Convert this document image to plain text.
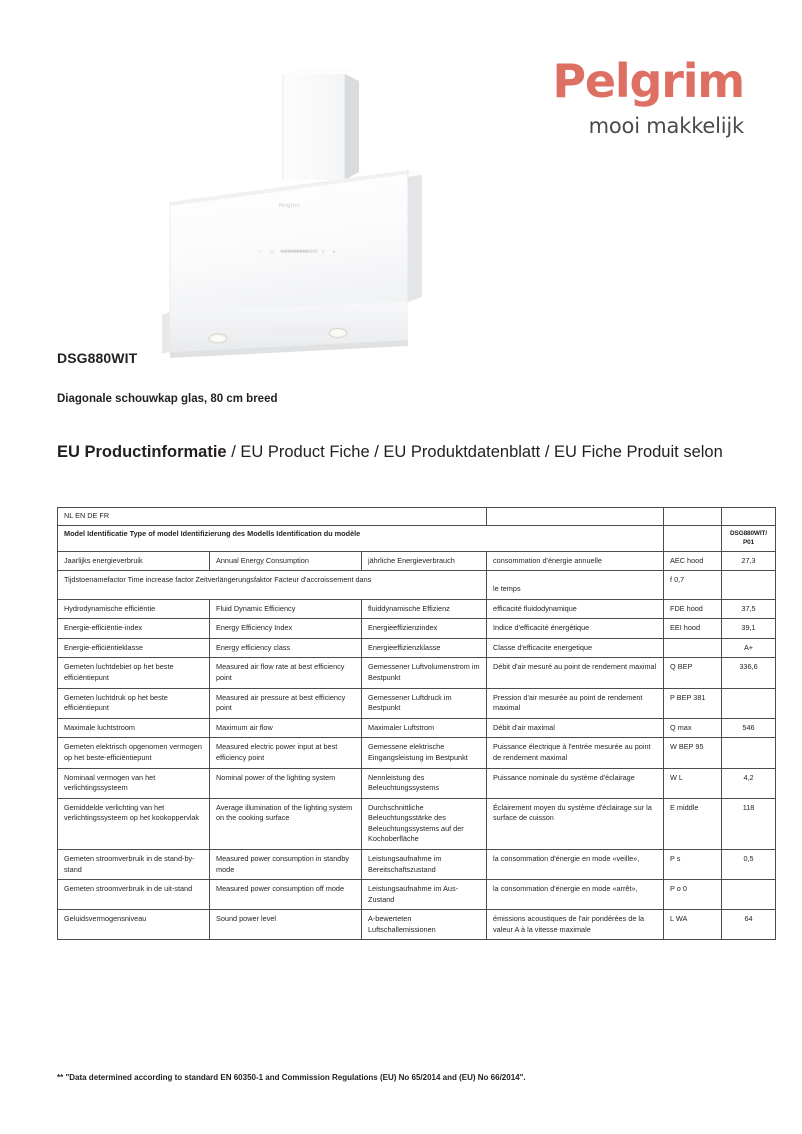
Pelgrim
☼	⏴ ★
Pelgrim
mooi makkelijk
DSG880WIT
Diagonale schouwkap glas, 80 cm breed
EU Productinformatie / EU Product Fiche / EU Produktdatenblatt / EU Fiche Produit selon
NL EN DE FR					
Model Identificatie Type of model Identifizierung des Modells Identification du modèle					DSG880WIT/P01
Jaarlijks energieverbruik	Annual Energy Consumption	jährliche Energieverbrauch	consommation d'énergie annuelle	AEC hood	27,3
Tijdstoenamefactor Time increase factor Zeitverlängerungsfaktor Facteur d'accroissement dans			le temps	f 0,7	
Hydrodynamische efficiëntie	Fluid Dynamic Efficiency	fluiddynamische Effizienz	efficacité fluidodynamique	FDE hood	37,5
Energie-efficiëntie-index	Energy Efficiency Index	Energieeffizienzindex	Indice d'efficacité énergétique	EEI hood	39,1
Energie-efficiëntieklasse	Energy efficiency class	Energieeffizienzklasse	Classe d'efficacite energetique		A+
Gemeten luchtdebiet op het beste efficiëntiepunt	Measured air flow rate at best efficiency point	Gemessener Luftvolumenstrom im Bestpunkt	Débit d'air mesuré au point de rendement maximal	Q BEP	336,6
Gemeten luchtdruk op het beste efficiëntiepunt	Measured air pressure at best efficiency point	Gemessener Luftdruck im Bestpunkt	Pression d'air mesurée au point de rendement maximal	P BEP 381	
Maximale luchtstroom	Maximum air flow	Maximaler Luftstrom	Débit d'air maximal	Q max	546
Gemeten elektrisch opgenomen vermogen op het beste-efficiëntiepunt	Measured electric power input at best efficiency point	Gemessene elektrische Eingangsleistung im Bestpunkt	Puissance électrique à l'entrée mesurée au point de rendement maximal	W BEP 95	
Nominaal vermogen van het verlichtingssysteem	Nominal power of the lighting system	Nennleistung des Beleuchtungssystems	Puissance nominale du système d'éclairage	W L	4,2
Gemiddelde verlichting van het verlichtingssysteem op het kookoppervlak	Average illumination of the lighting system on the cooking surface	Durchschnittliche Beleuchtungsstärke des Beleuchtungssystems auf der Kochoberfläche	Éclairement moyen du système d'éclairage sur la surface de cuisson	E middle	118
Gemeten stroomverbruik in de stand-by- stand	Measured power consumption in standby mode	Leistungsaufnahme im Bereitschaftszustand	la consommation d'énergie en mode «veille»,	P s	0,5
Gemeten stroomverbruik in de uit-stand	Measured power consumption off mode	Leistungsaufnahme im Aus-Zustand	la consommation d'énergie en mode «arrêt»,	P o 0	
Geluidsvermogensniveau	Sound power level	A-bewerteten Luftschallemissionen	émissions acoustiques de l'air pondérées de la valeur A à la vitesse maximale	L WA	64
** "Data determined according to standard EN 60350-1 and Commission Regulations (EU) No 65/2014 and (EU) No 66/2014".
